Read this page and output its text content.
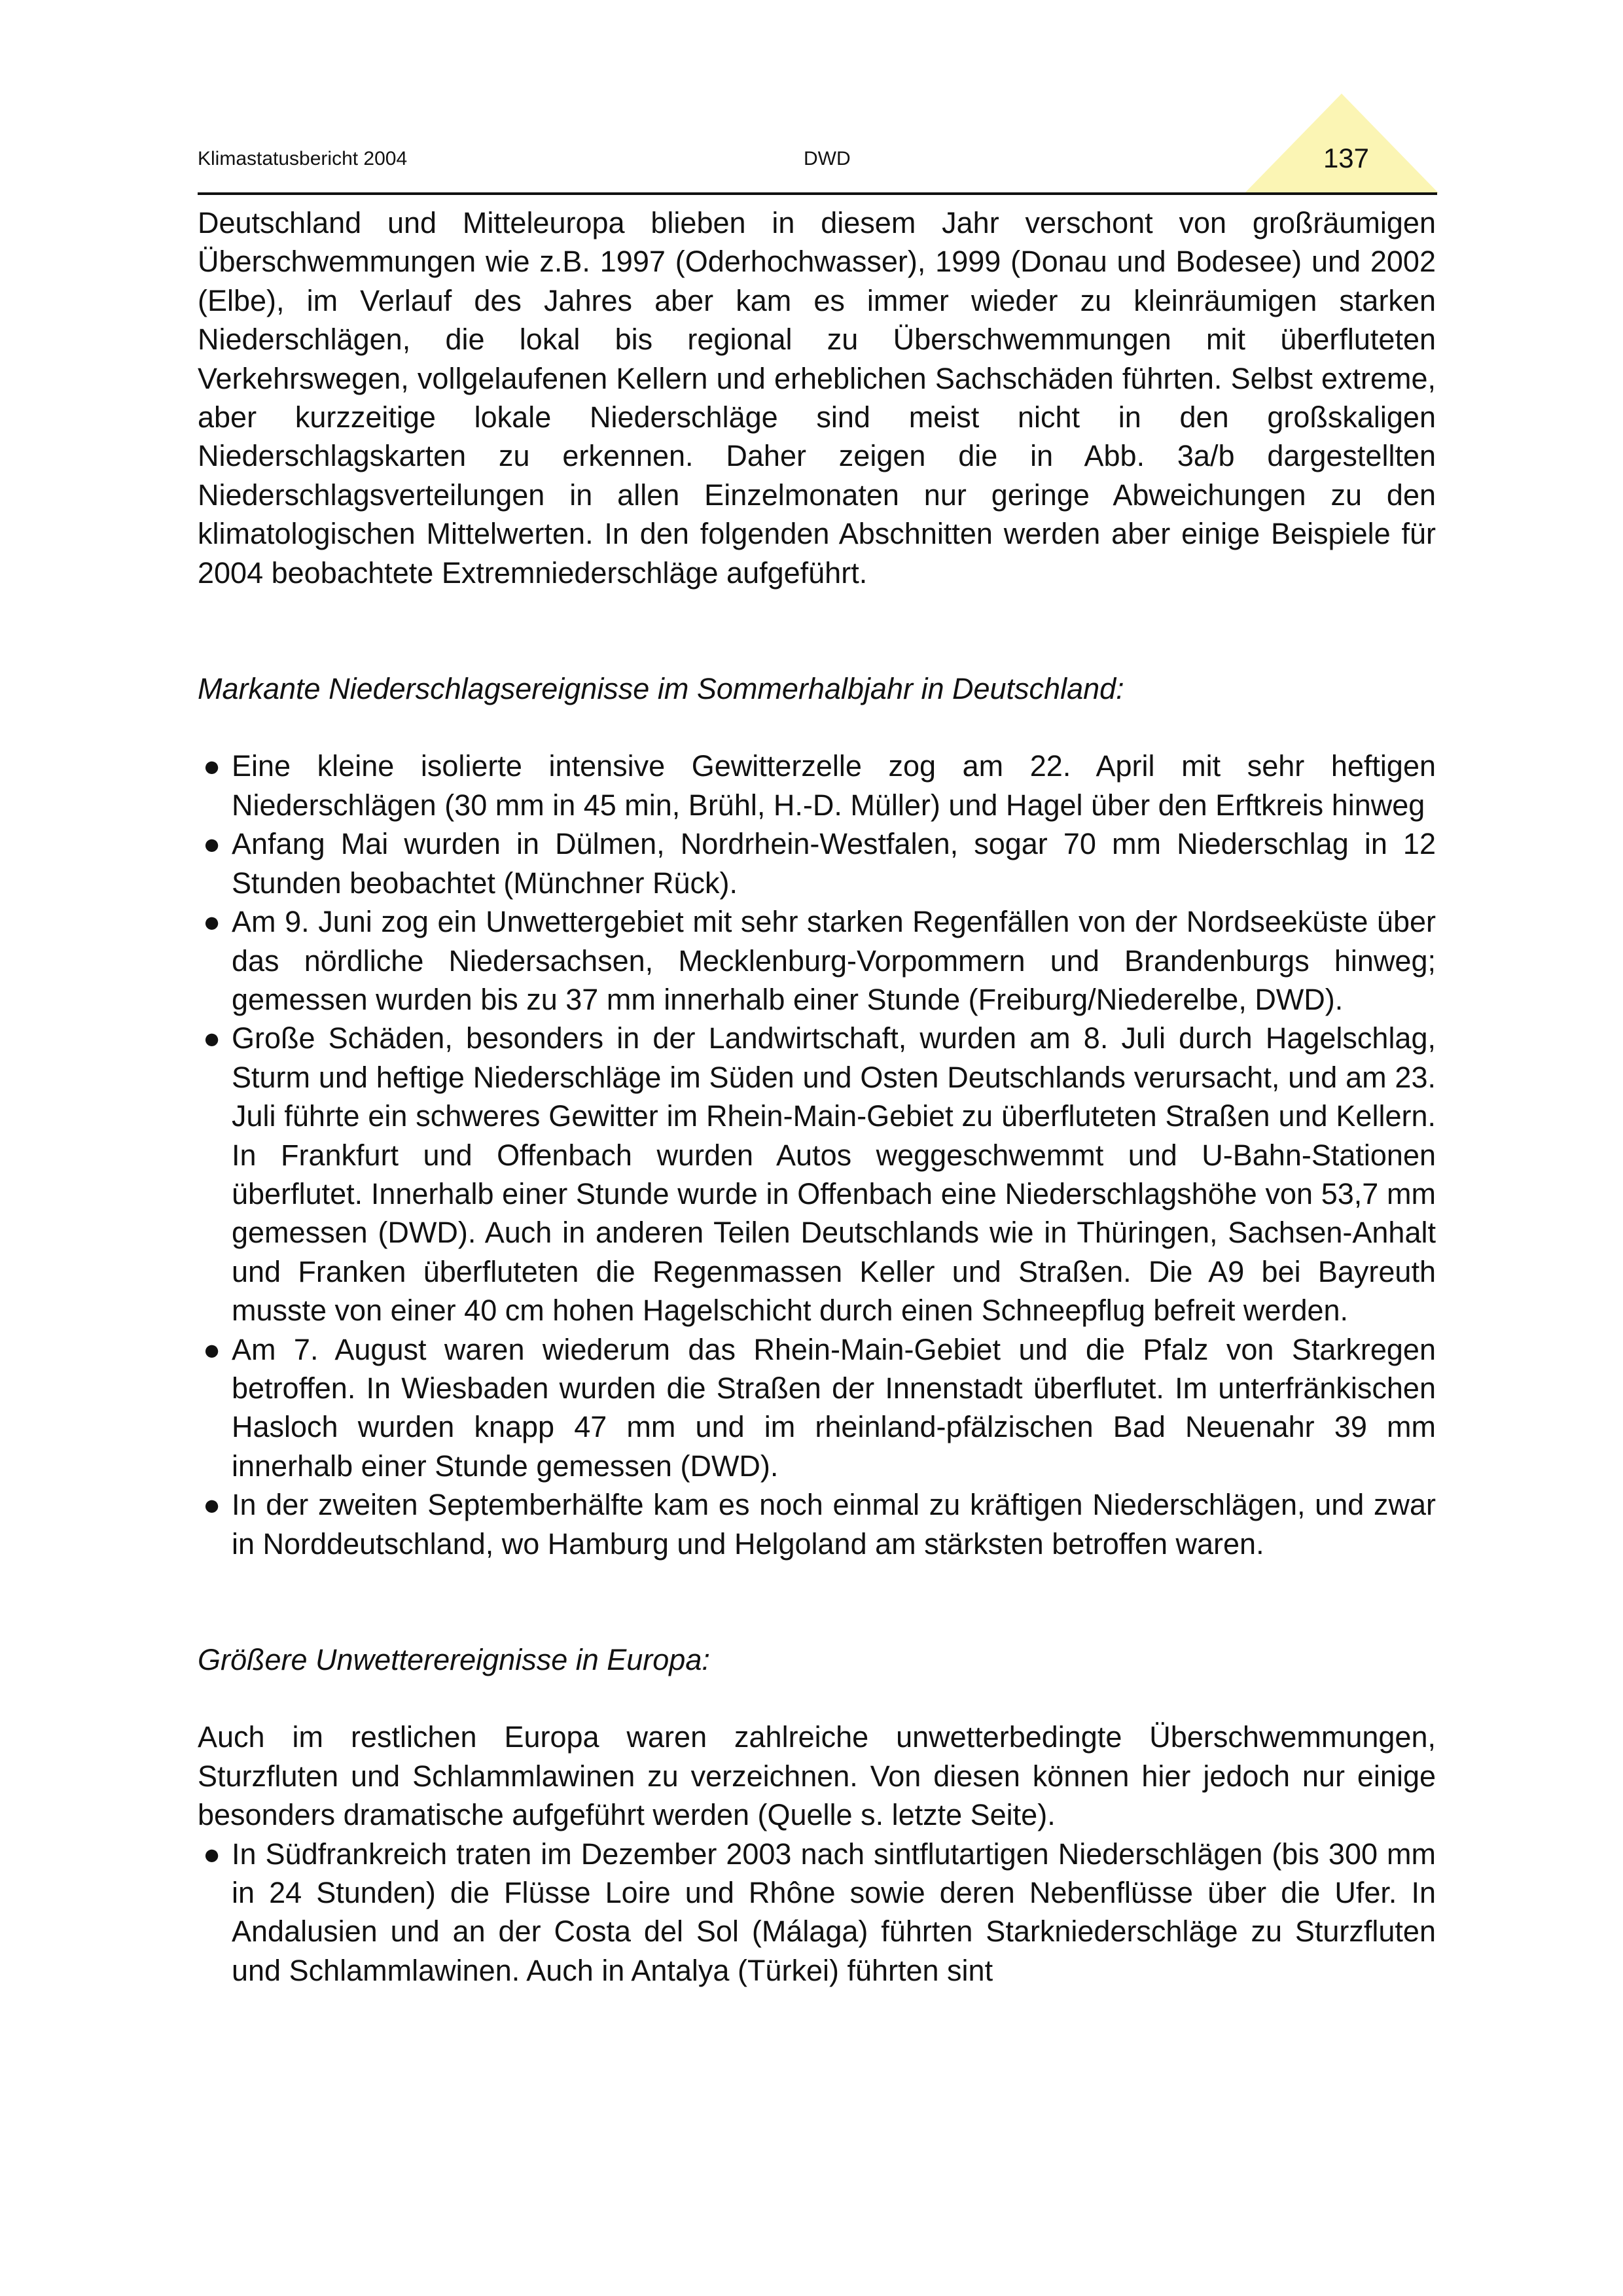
Klimastatusbericht 2004	DWD	137

Deutschland und Mitteleuropa blieben in diesem Jahr verschont von großräumigen Überschwemmungen wie z.B. 1997 (Oderhochwasser), 1999 (Donau und Bodesee) und 2002 (Elbe), im Verlauf des Jahres aber kam es immer wieder zu kleinräumigen starken Niederschlägen, die lokal bis regional zu Überschwemmungen mit überfluteten Verkehrswegen, vollgelaufenen Kellern und erheblichen Sachschäden führten. Selbst extreme, aber kurzzeitige lokale Niederschläge sind meist nicht in den großskaligen Niederschlagskarten zu erkennen. Daher zeigen die in Abb. 3a/b dargestellten Niederschlagsverteilungen in allen Einzelmonaten nur geringe Abweichungen zu den klimatologischen Mittelwerten. In den folgenden Abschnitten werden aber einige Beispiele für 2004 beobachtete Extremniederschläge aufgeführt.

Markante Niederschlagsereignisse im Sommerhalbjahr in Deutschland:

● Eine kleine isolierte intensive Gewitterzelle zog am 22. April mit sehr heftigen Niederschlägen (30 mm in 45 min, Brühl, H.-D. Müller) und Hagel über den Erftkreis hinweg
● Anfang Mai wurden in Dülmen, Nordrhein-Westfalen, sogar 70 mm Niederschlag in 12 Stunden beobachtet (Münchner Rück).
● Am 9. Juni zog ein Unwettergebiet mit sehr starken Regenfällen von der Nordseeküste über das nördliche Niedersachsen, Mecklenburg-Vorpommern und Brandenburgs hinweg; gemessen wurden bis zu 37 mm innerhalb einer Stunde (Freiburg/Niederelbe, DWD).
● Große Schäden, besonders in der Landwirtschaft, wurden am 8. Juli durch Hagelschlag, Sturm und heftige Niederschläge im Süden und Osten Deutschlands verursacht, und am 23. Juli führte ein schweres Gewitter im Rhein-Main-Gebiet zu überfluteten Straßen und Kellern. In Frankfurt und Offenbach wurden Autos weggeschwemmt und U-Bahn-Stationen überflutet. Innerhalb einer Stunde wurde in Offenbach eine Niederschlagshöhe von 53,7 mm gemessen (DWD). Auch in anderen Teilen Deutschlands wie in Thüringen, Sachsen-Anhalt und Franken überfluteten die Regenmassen Keller und Straßen. Die A9 bei Bayreuth musste von einer 40 cm hohen Hagelschicht durch einen Schneepflug befreit werden.
● Am 7. August waren wiederum das Rhein-Main-Gebiet und die Pfalz von Starkregen betroffen. In Wiesbaden wurden die Straßen der Innenstadt überflutet. Im unterfränkischen Hasloch wurden knapp 47 mm und im rheinland-pfälzischen Bad Neuenahr 39 mm innerhalb einer Stunde gemessen (DWD).
● In der zweiten Septemberhälfte kam es noch einmal zu kräftigen Niederschlägen, und zwar in Norddeutschland, wo Hamburg und Helgoland am stärksten betroffen waren.

Größere Unwetterereignisse in Europa:

Auch im restlichen Europa waren zahlreiche unwetterbedingte Überschwemmungen, Sturzfluten und Schlammlawinen zu verzeichnen. Von diesen können hier jedoch nur einige besonders dramatische aufgeführt werden (Quelle s. letzte Seite).

● In Südfrankreich traten im Dezember 2003 nach sintflutartigen Niederschlägen (bis 300 mm in 24 Stunden) die Flüsse Loire und Rhône sowie deren Nebenflüsse über die Ufer. In Andalusien und an der Costa del Sol (Málaga) führten Starkniederschläge zu Sturzfluten und Schlammlawinen. Auch in Antalya (Türkei) führten sint
